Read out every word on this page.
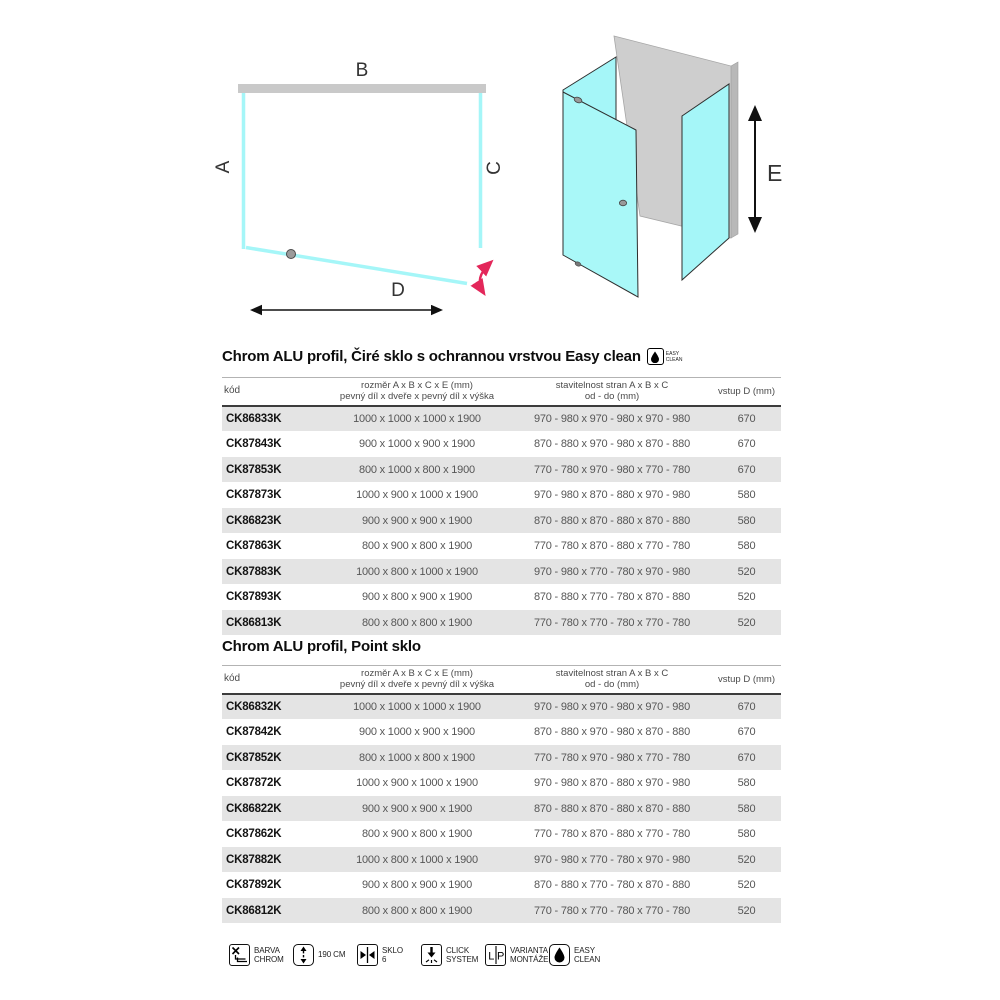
B
A	C
D
E
Chrom ALU profil, Čiré sklo s ochrannou vrstvou Easy clean	EASY
CLEAN
kód	rozměr A x B x C x E (mm)
pevný díl x dveře x pevný díl x výška

stavitelnost stran A x B x C
od - do (mm)
	vstup D (mm)
CK86833K	1000 x 1000 x 1000 x 1900	970 - 980 x 970 - 980 x 970 - 980	670
CK87843K	900 x 1000 x 900 x 1900	870 - 880 x 970 - 980 x 870 - 880	670
CK87853K	800 x 1000 x 800 x 1900	770 - 780 x 970 - 980 x 770 - 780	670
CK87873K	1000 x 900 x 1000 x 1900	970 - 980 x 870 - 880 x 970 - 980	580
CK86823K	900 x 900 x 900 x 1900	870 - 880 x 870 - 880 x 870 - 880	580
CK87863K	800 x 900 x 800 x 1900	770 - 780 x 870 - 880 x 770 - 780	580
CK87883K	1000 x 800 x 1000 x 1900	970 - 980 x 770 - 780 x 970 - 980	520
CK87893K	900 x 800 x 900 x 1900	870 - 880 x 770 - 780 x 870 - 880	520
CK86813K	800 x 800 x 800 x 1900	770 - 780 x 770 - 780 x 770 - 780	520
Chrom ALU profil, Point sklo
kód	rozměr A x B x C x E (mm)
pevný díl x dveře x pevný díl x výška

stavitelnost stran A x B x C
od - do (mm)
	vstup D (mm)
CK86832K	1000 x 1000 x 1000 x 1900	970 - 980 x 970 - 980 x 970 - 980	670
CK87842K	900 x 1000 x 900 x 1900	870 - 880 x 970 - 980 x 870 - 880	670
CK87852K	800 x 1000 x 800 x 1900	770 - 780 x 970 - 980 x 770 - 780	670
CK87872K	1000 x 900 x 1000 x 1900	970 - 980 x 870 - 880 x 970 - 980	580
CK86822K	900 x 900 x 900 x 1900	870 - 880 x 870 - 880 x 870 - 880	580
CK87862K	800 x 900 x 800 x 1900	770 - 780 x 870 - 880 x 770 - 780	580
CK87882K	1000 x 800 x 1000 x 1900	970 - 980 x 770 - 780 x 970 - 980	520
CK87892K	900 x 800 x 900 x 1900	870 - 880 x 770 - 780 x 870 - 880	520
CK86812K	800 x 800 x 800 x 1900	770 - 780 x 770 - 780 x 770 - 780	520
BARVA
CHROM
190 CM
SKLO
6
CLICK
SYSTEM L P
VARIANTA
MONTÁŽE
EASY
CLEAN
